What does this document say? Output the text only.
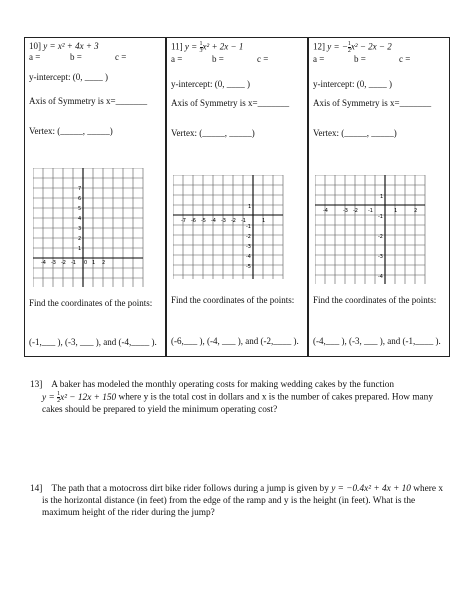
10] y = x² + 4x + 3
a =	b =	c =
y-intercept: (0, ____ )
Axis of Symmetry is x=_______
Vertex: (_____, _____)
-4 -3 -2 -1 0 1 2
7
6
5
4
3
2
1
Find the coordinates of the points:
(-1,___ ), (-3, ___ ), and (-4,____ ).
11] $y = \frac{1}{3} x^2 + 2x - 1$
a =	b =	c =
y-intercept: (0, ____ )
Axis of Symmetry is x=_______
Vertex: (_____, _____)
-7 -6 -5 -4 -3 -2 -1	1
1
-1
-2
-3
-4
-5
Find the coordinates of the points:
(-6,___ ), (-4, ___ ), and (-2,____ ).
12] y = − $\frac{1}{2} x^2 - 2x - 2$
a =	b =	c =
y-intercept: (0, ____ )
Axis of Symmetry is x=_______
Vertex: (_____, _____)
-4	-3 -2 -1	1	2
1
-1
-2
-3
-4
Find the coordinates of the points:
(-4,___ ), (-3, ___ ), and (-1,____ ).
13] A baker has modeled the monthly operating costs for making wedding cakes by the function
$y = \frac{1}{2} x^2 - 12x + 150$ where y is the total cost in dollars and x is the number of cakes prepared. How many
cakes should be prepared to yield the minimum operating cost?
14] The path that a motocross dirt bike rider follows during a jump is given by y = −0.4x² + 4x + 10 where x
is the horizontal distance (in feet) from the edge of the ramp and y is the height (in feet). What is the
maximum height of the rider during the jump?
